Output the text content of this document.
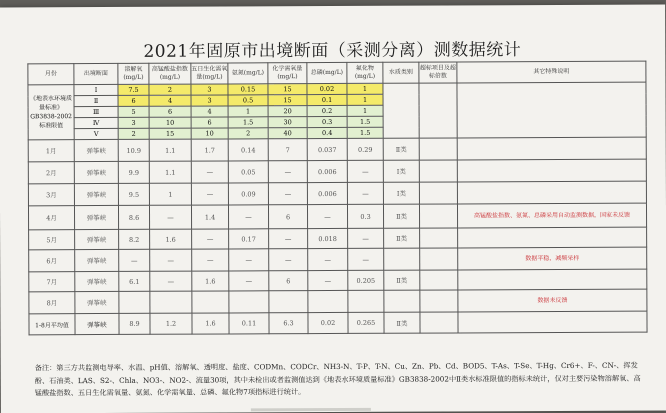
2021年固原市出境断面（采测分离）测数据统计
月份	出境断面	溶解氧(mg/L)	高锰酸盐指数(mg/L)	五日生化需氧量(mg/L)	氨氮(mg/L)	化学需氧量(mg/L)	总磷(mg/L)	氟化物(mg/L)	水质类别	超标项目及超标倍数	其它特殊说明
《地表水环境质量标准》GB3838-2002标准限值	Ⅰ	7.5	2	3	0.15	15	0.02	1			
	Ⅱ	6	4	3	0.5	15	0.1	1			
	Ⅲ	5	6	4	1	20	0.2	1			
	Ⅳ	3	10	6	1.5	30	0.3	1.5			
	Ⅴ	2	15	10	2	40	0.4	1.5			
1月	弹筝峡	10.9	1.1	1.7	0.14	7	0.037	0.29	Ⅱ类		
2月	弹筝峡	9.9	1.1	—	0.05	—	0.006	—	Ⅰ类		
3月	弹筝峡	9.5	1	—	0.09	—	0.006	—	Ⅰ类		
4月	弹筝峡	8.6	—	1.4	—	6	—	0.3	Ⅱ类		高锰酸盐指数、氨氮、总磷采用自动监测数据，国家未反馈
5月	弹筝峡	8.2	1.6	—	0.17	—	0.018	—	Ⅱ类		
6月	弹筝峡	—	—	—	—	—	—	—			数据平稳，减频采样
7月	弹筝峡	6.1	—	1.6	—	6	—	0.205	Ⅱ类		
8月	弹筝峡										数据未反馈
1-8月平均值	弹筝峡	8.9	1.2	1.6	0.11	6.3	0.02	0.265	Ⅱ类		
备注：第三方共监测电导率、水温、pH值、溶解氧、透明度、盐度、CODMn、CODCr、NH3-N、T-P、T-N、Cu、Zn、Pb、Cd、BOD5、T-As、T-Se、T-Hg、Cr6+、F-、CN-、挥发酚、石油类、LAS、S2-、Chla、NO3-、NO2-、流量30项，其中未检出或者监测值达到《地表水环境质量标准》GB3838-2002中Ⅱ类水标准限值的指标未统计，仅对主要污染物溶解氧、高锰酸盐指数、五日生化需氧量、氨氮、化学需氧量、总磷、氟化物7项指标进行统计。
